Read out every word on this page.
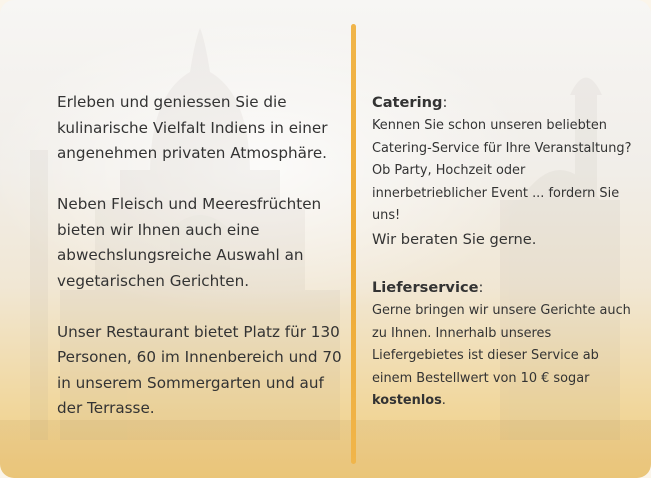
Erleben und geniessen Sie die kulinarische Vielfalt Indiens in einer angenehmen privaten Atmosphäre.

Neben Fleisch und Meeresfrüchten bieten wir Ihnen auch eine abwechslungsreiche Auswahl an vegetarischen Gerichten.

Unser Restaurant bietet Platz für 130 Personen, 60 im Innenbereich und 70 in unserem Sommergarten und auf der Terrasse.

Catering:

Kennen Sie schon unseren beliebten Catering-Service für Ihre Veranstaltung? Ob Party, Hochzeit oder innerbetrieblicher Event ... fordern Sie uns!

Wir beraten Sie gerne.

Lieferservice:

Gerne bringen wir unsere Gerichte auch zu Ihnen. Innerhalb unseres Liefergebietes ist dieser Service ab einem Bestellwert von 10 € sogar kostenlos.
